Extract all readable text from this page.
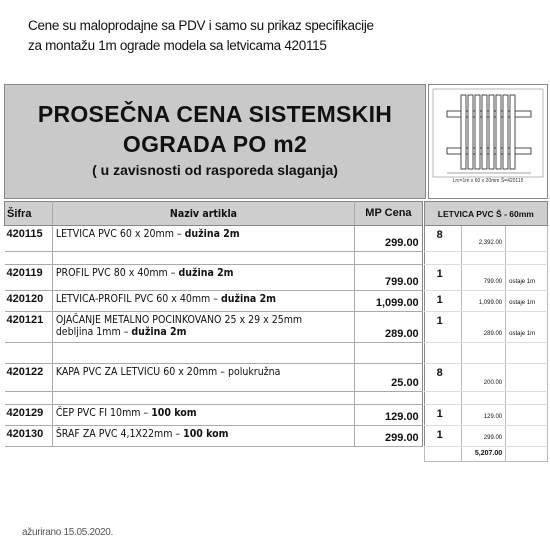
Cene su maloprodajne sa PDV i samo su prikaz specifikacije
za montažu 1m ograde modela sa letvicama 420115
PROSEČNA CENA SISTEMSKIH
OGRADA PO m2
( u zavisnosti od rasporeda slaganja)
Lrc=1m x 60 x 20mm Š=420115
Šifra	Naziv artikla	MP Cena		LETVICA PVC Š - 60mm		
420115	LETVICA PVC 60 x 20mm – dužina 2m	299.00		8	2,392.00	

420119	PROFIL PVC 80 x 40mm – dužina 2m	799.00		1	799.00	ostaje 1m
420120	LETVICA-PROFIL PVC 60 x 40mm – dužina 2m	1,099.00		1	1,099.00	ostaje 1m
420121	OJAČANJE METALNO POCINKOVANO 25 x 29 x 25mm
debljina 1mm – dužina 2m	289.00		1	289.00	ostaje 1m

420122	KAPA PVC ZA LETVICU 60 x 20mm – polukružna	25.00		8	200.00	

420129	ČEP PVC FI 10mm – 100 kom	129.00		1	129.00	
420130	ŠRAF ZA PVC 4,1X22mm – 100 kom	299.00		1	299.00	
					5,207.00	
ažurirano 15.05.2020.
